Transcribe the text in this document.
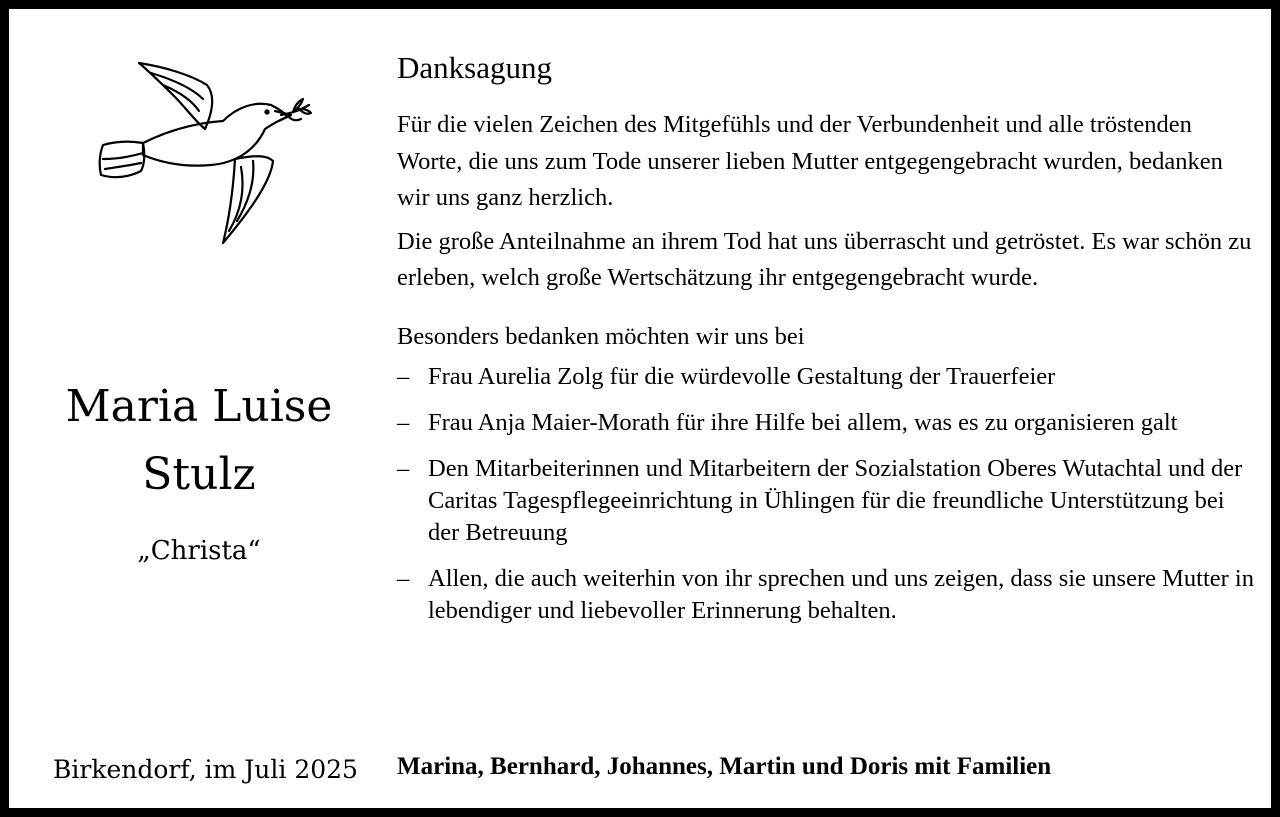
Maria Luise
Stulz
„Christa“
Birkendorf, im Juli 2025
Danksagung
Für die vielen Zeichen des Mitgefühls und der Verbundenheit und alle tröstenden Worte, die uns zum Tode unserer lieben Mutter entgegengebracht wurden, bedanken wir uns ganz herzlich.
Die große Anteilnahme an ihrem Tod hat uns überrascht und getröstet. Es war schön zu erleben, welch große Wertschätzung ihr entgegengebracht wurde.
Besonders bedanken möchten wir uns bei
– Frau Aurelia Zolg für die würdevolle Gestaltung der Trauerfeier
– Frau Anja Maier-Morath für ihre Hilfe bei allem, was es zu organisieren galt
– Den Mitarbeiterinnen und Mitarbeitern der Sozialstation Oberes Wutachtal und der Caritas Tagespflegeeinrichtung in Ühlingen für die freundliche Unterstützung bei der Betreuung
– Allen, die auch weiterhin von ihr sprechen und uns zeigen, dass sie unsere Mutter in lebendiger und liebevoller Erinnerung behalten.
Marina, Bernhard, Johannes, Martin und Doris mit Familien
